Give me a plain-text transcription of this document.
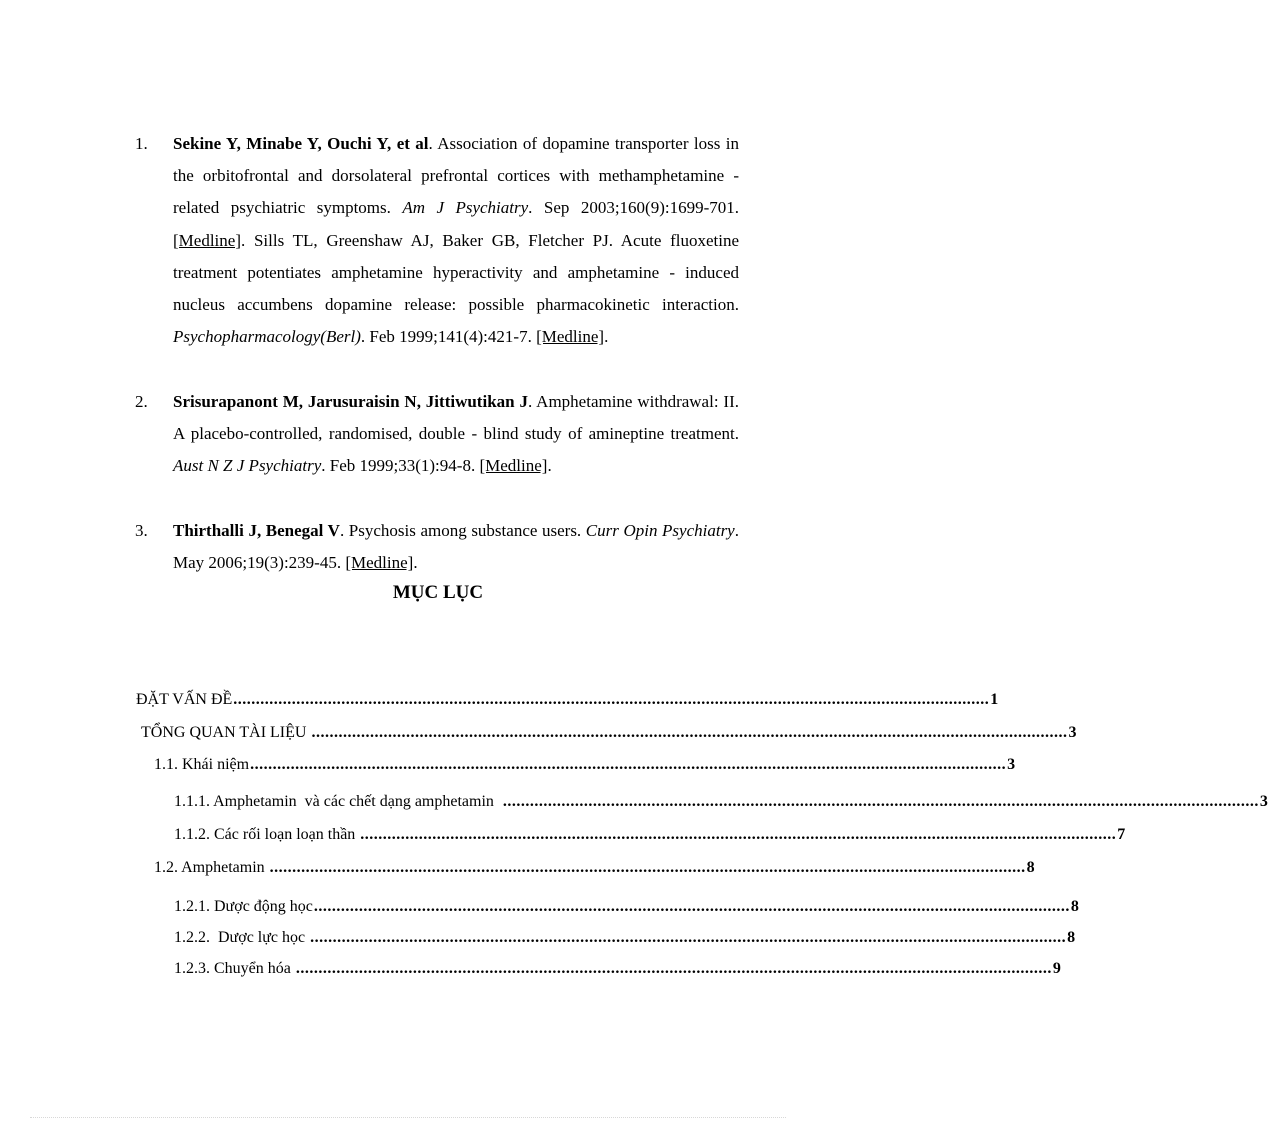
1. Sekine Y, Minabe Y, Ouchi Y, et al. Association of dopamine transporter loss in the orbitofrontal and dorsolateral prefrontal cortices with methamphetamine - related psychiatric symptoms. Am J Psychiatry. Sep 2003;160(9):1699-701. [Medline]. Sills TL, Greenshaw AJ, Baker GB, Fletcher PJ. Acute fluoxetine treatment potentiates amphetamine hyperactivity and amphetamine - induced nucleus accumbens dopamine release: possible pharmacokinetic interaction. Psychopharmacology(Berl). Feb 1999;141(4):421-7. [Medline].
2. Srisurapanont M, Jarusuraisin N, Jittiwutikan J. Amphetamine withdrawal: II. A placebo-controlled, randomised, double - blind study of amineptine treatment. Aust N Z J Psychiatry. Feb 1999;33(1):94-8. [Medline].
3. Thirthalli J, Benegal V. Psychosis among substance users. Curr Opin Psychiatry. May 2006;19(3):239-45. [Medline].
MỤC LỤC
ĐẶT VẤN ĐỀ ........................................................................................................................................................................ 1
TỔNG QUAN TÀI LIỆU ........................................................................................................................................................................ 3
1.1. Khái niệm ........................................................................................................................................................................ 3
1.1.1. Amphetamin  và các chết dạng amphetamin ........................................................................................................................................................................ 3
1.1.2. Các rối loạn loạn thần ........................................................................................................................................................................ 7
1.2. Amphetamin ........................................................................................................................................................................ 8
1.2.1. Dược động học ........................................................................................................................................................................ 8
1.2.2.  Dược lực học ........................................................................................................................................................................ 8
1.2.3. Chuyển hóa ........................................................................................................................................................................ 9
